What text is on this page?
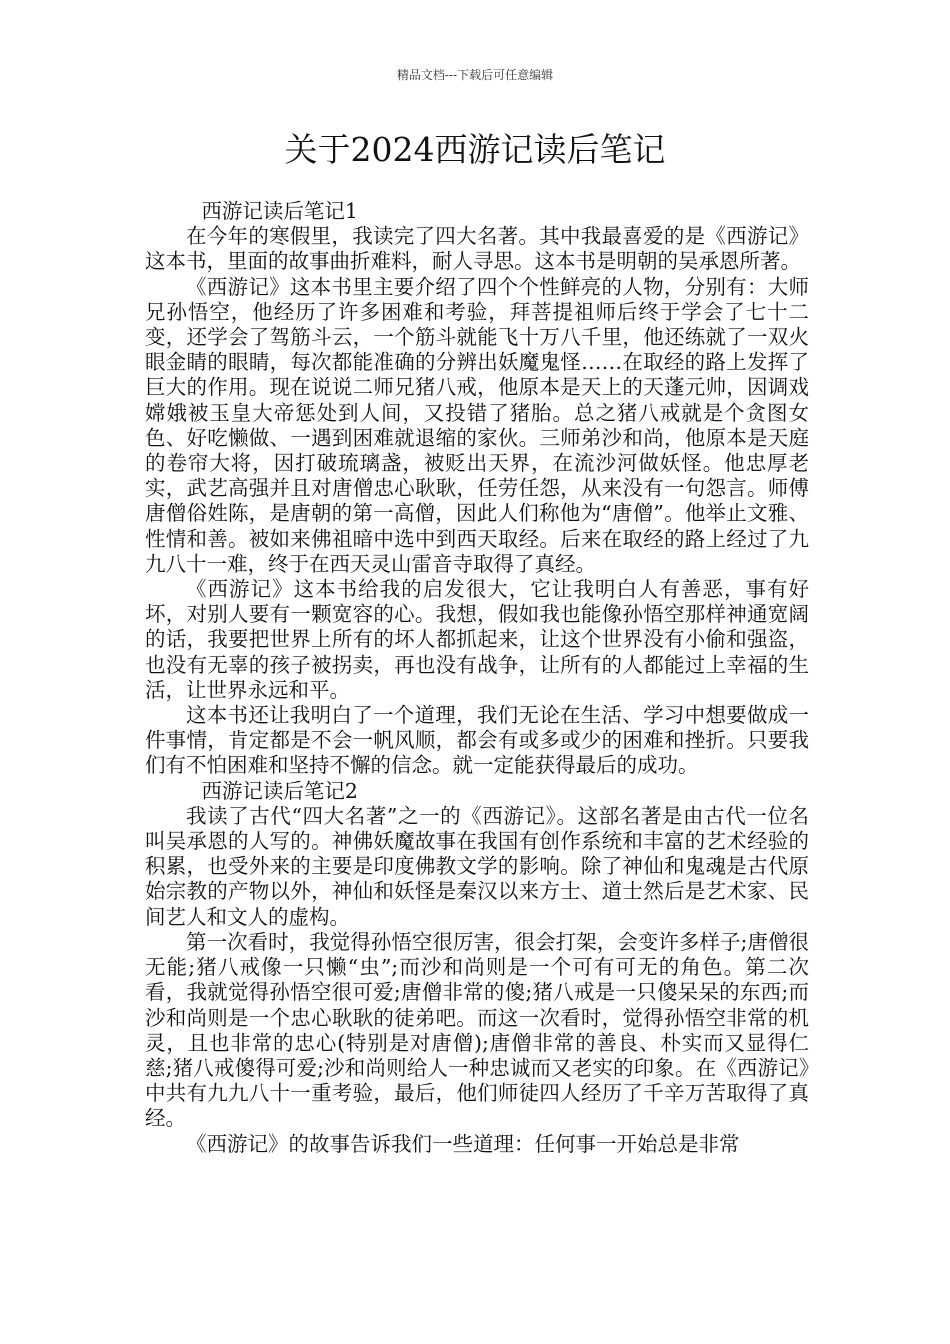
精品文档---下载后可任意编辑
关于2024西游记读后笔记

西游记读后笔记1

在今年的寒假里，我读完了四大名著。其中我最喜爱的是《西游记》这本书，里面的故事曲折难料，耐人寻思。这本书是明朝的吴承恩所著。

《西游记》这本书里主要介绍了四个个性鲜亮的人物，分别有：大师兄孙悟空，他经历了许多困难和考验，拜菩提祖师后终于学会了七十二变，还学会了驾筋斗云，一个筋斗就能飞十万八千里，他还练就了一双火眼金睛的眼睛，每次都能准确的分辨出妖魔鬼怪……在取经的路上发挥了巨大的作用。现在说说二师兄猪八戒，他原本是天上的天蓬元帅，因调戏嫦娥被玉皇大帝惩处到人间，又投错了猪胎。总之猪八戒就是个贪图女色、好吃懒做、一遇到困难就退缩的家伙。三师弟沙和尚，他原本是天庭的卷帘大将，因打破琉璃盏，被贬出天界，在流沙河做妖怪。他忠厚老实，武艺高强并且对唐僧忠心耿耿，任劳任怨，从来没有一句怨言。师傅唐僧俗姓陈，是唐朝的第一高僧，因此人们称他为“唐僧”。他举止文雅、性情和善。被如来佛祖暗中选中到西天取经。后来在取经的路上经过了九九八十一难，终于在西天灵山雷音寺取得了真经。

《西游记》这本书给我的启发很大，它让我明白人有善恶，事有好坏，对别人要有一颗宽容的心。我想，假如我也能像孙悟空那样神通宽阔的话，我要把世界上所有的坏人都抓起来，让这个世界没有小偷和强盗，也没有无辜的孩子被拐卖，再也没有战争，让所有的人都能过上幸福的生活，让世界永远和平。

这本书还让我明白了一个道理，我们无论在生活、学习中想要做成一件事情，肯定都是不会一帆风顺，都会有或多或少的困难和挫折。只要我们有不怕困难和坚持不懈的信念。就一定能获得最后的成功。

西游记读后笔记2

我读了古代“四大名著”之一的《西游记》。这部名著是由古代一位名叫吴承恩的人写的。神佛妖魔故事在我国有创作系统和丰富的艺术经验的积累，也受外来的主要是印度佛教文学的影响。除了神仙和鬼魂是古代原始宗教的产物以外，神仙和妖怪是秦汉以来方士、道士然后是艺术家、民间艺人和文人的虚构。

第一次看时，我觉得孙悟空很厉害，很会打架，会变许多样子;唐僧很无能;猪八戒像一只懒“虫”;而沙和尚则是一个可有可无的角色。第二次看，我就觉得孙悟空很可爱;唐僧非常的傻;猪八戒是一只傻呆呆的东西;而沙和尚则是一个忠心耿耿的徒弟吧。而这一次看时，觉得孙悟空非常的机灵，且也非常的忠心(特别是对唐僧);唐僧非常的善良、朴实而又显得仁慈;猪八戒傻得可爱;沙和尚则给人一种忠诚而又老实的印象。在《西游记》中共有九九八十一重考验，最后，他们师徒四人经历了千辛万苦取得了真经。

《西游记》的故事告诉我们一些道理：任何事一开始总是非常
